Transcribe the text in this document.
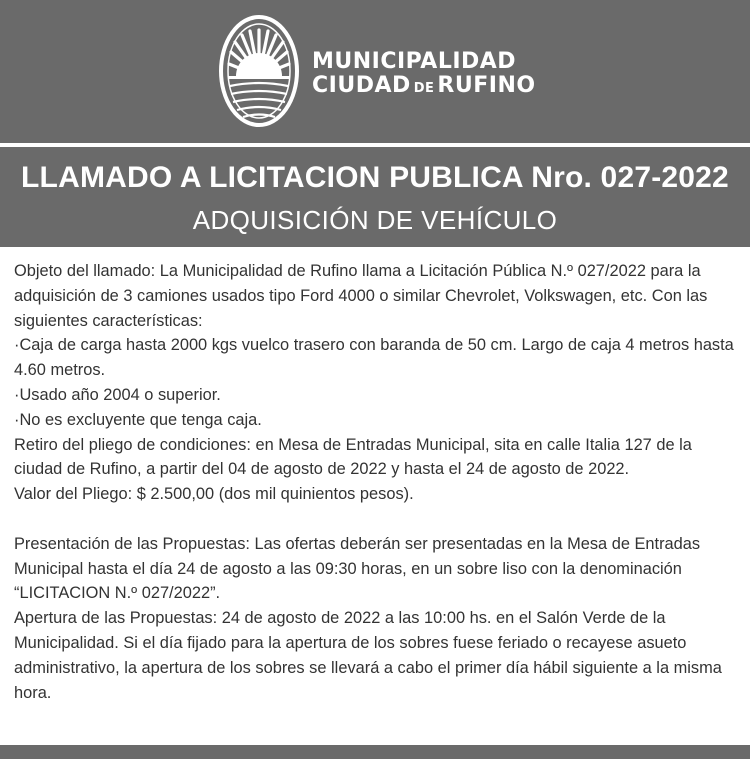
MUNICIPALIDAD
CIUDAD DE RUFINO
LLAMADO A LICITACION PUBLICA Nro. 027-2022
ADQUISICIÓN DE VEHÍCULO

Objeto del llamado: La Municipalidad de Rufino llama a Licitación Pública N.º 027/2022 para la adquisición de 3 camiones usados tipo Ford 4000 o similar Chevrolet, Volkswagen, etc. Con las siguientes características:

·Caja de carga hasta 2000 kgs vuelco trasero con baranda de 50 cm. Largo de caja 4 metros hasta 4.60 metros.

·Usado año 2004 o superior.

·No es excluyente que tenga caja.

Retiro del pliego de condiciones: en Mesa de Entradas Municipal, sita en calle Italia 127 de la ciudad de Rufino, a partir del 04 de agosto de 2022 y hasta el 24 de agosto de 2022.

Valor del Pliego: $ 2.500,00 (dos mil quinientos pesos).

Presentación de las Propuestas: Las ofertas deberán ser presentadas en la Mesa de Entradas Municipal hasta el día 24 de agosto a las 09:30 horas, en un sobre liso con la denominación “LICITACION N.º 027/2022”.

Apertura de las Propuestas: 24 de agosto de 2022 a las 10:00 hs. en el Salón Verde de la Municipalidad. Si el día fijado para la apertura de los sobres fuese feriado o recayese asueto administrativo, la apertura de los sobres se llevará a cabo el primer día hábil siguiente a la misma hora.
